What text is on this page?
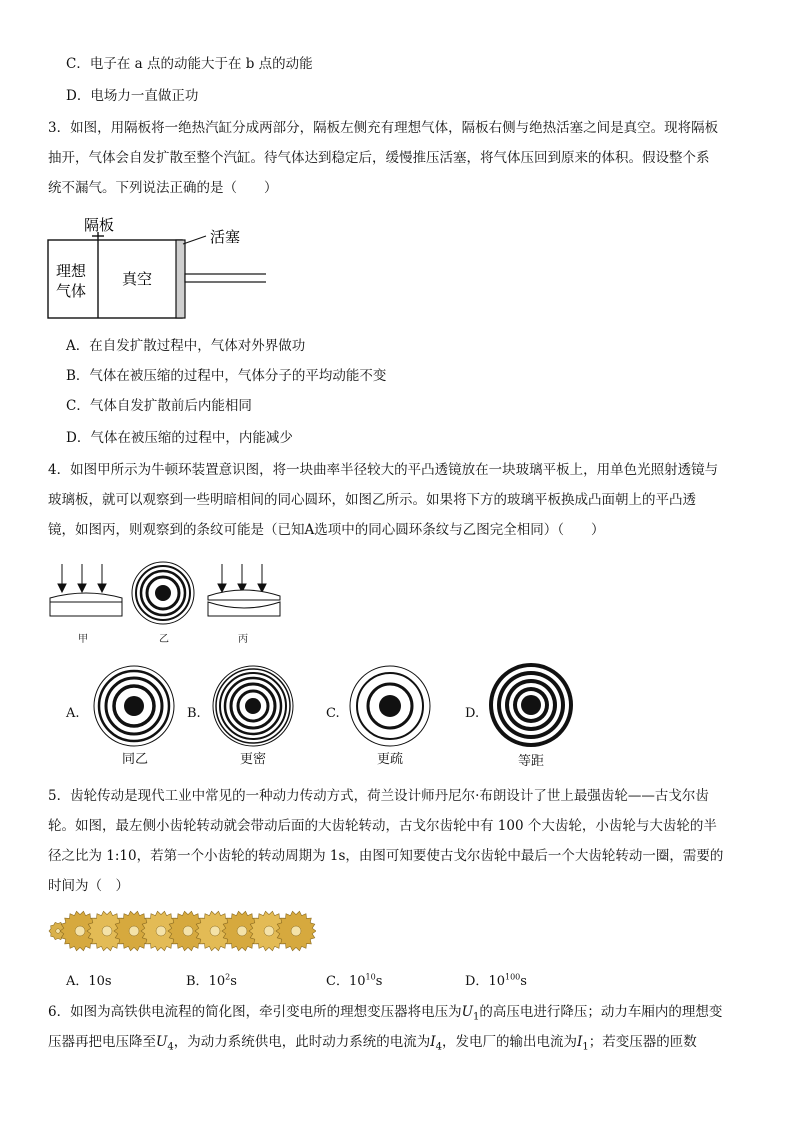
C．电子在 a 点的动能大于在 b 点的动能
D．电场力一直做正功
3．如图，用隔板将一绝热汽缸分成两部分，隔板左侧充有理想气体，隔板右侧与绝热活塞之间是真空。现将隔板
抽开，气体会自发扩散至整个汽缸。待气体达到稳定后，缓慢推压活塞，将气体压回到原来的体积。假设整个系
统不漏气。下列说法正确的是（　　）
隔板
活塞
理想
气体
真空
A．在自发扩散过程中，气体对外界做功
B．气体在被压缩的过程中，气体分子的平均动能不变
C．气体自发扩散前后内能相同
D．气体在被压缩的过程中，内能减少
4．如图甲所示为牛顿环装置意识图，将一块曲率半径较大的平凸透镜放在一块玻璃平板上，用单色光照射透镜与
玻璃板，就可以观察到一些明暗相间的同心圆环，如图乙所示。如果将下方的玻璃平板换成凸面朝上的平凸透
镜，如图丙，则观察到的条纹可能是（已知A选项中的同心圆环条纹与乙图完全相同）（　　）
甲	乙	丙
A.
同乙
B.
更密
C.
更疏
D.
等距
5．齿轮传动是现代工业中常见的一种动力传动方式，荷兰设计师丹尼尔·布朗设计了世上最强齿轮——古戈尔齿
轮。如图，最左侧小齿轮转动就会带动后面的大齿轮转动，古戈尔齿轮中有 100 个大齿轮，小齿轮与大齿轮的半
径之比为 1:10，若第一个小齿轮的转动周期为 1s，由图可知要使古戈尔齿轮中最后一个大齿轮转动一圈，需要的
时间为（　）
A．10s	B．$10^2s$	C．$10^{10}s$	D．$10^{100}s$
6．如图为高铁供电流程的简化图，牵引变电所的理想变压器将电压为$U_1$的高压电进行降压；动力车厢内的理想变
压器再把电压降至$U_4$，为动力系统供电，此时动力系统的电流为$I_4$，发电厂的输出电流为$I_1$；若变压器的匝数
